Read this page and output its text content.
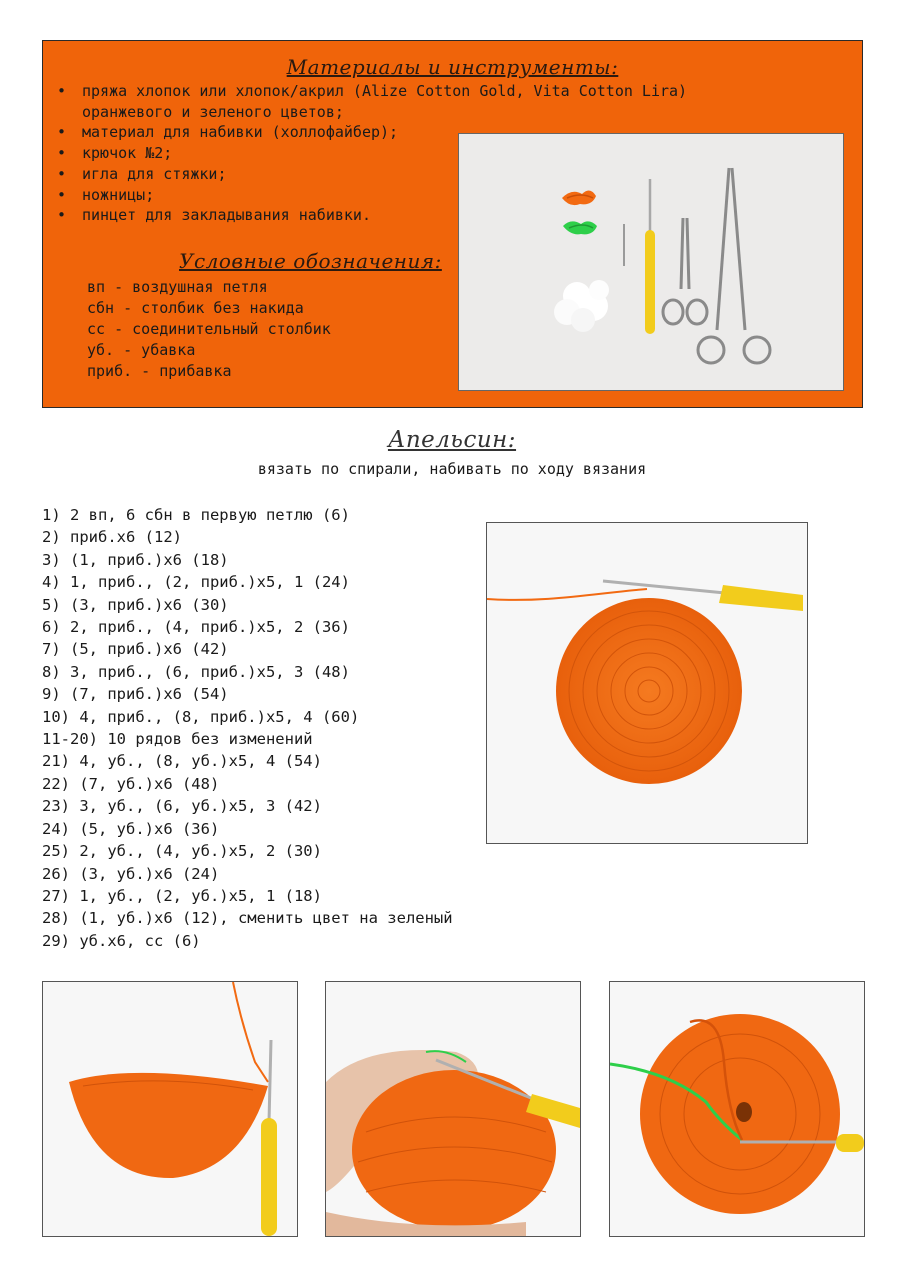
Материалы и инструменты:
• пряжа хлопок или хлопок/акрил (Alize Cotton Gold, Vita Cotton Lira)
оранжевого и зеленого цветов;
• материал для набивки (холлофайбер);
• крючок №2;
• игла для стяжки;
• ножницы;
• пинцет для закладывания набивки.
Условные обозначения:
вп - воздушная петля
сбн - столбик без накида
сс - соединительный столбик
уб. - убавка
приб. - прибавка
Апельсин:
вязать по спирали, набивать по ходу вязания
1) 2 вп, 6 сбн в первую петлю (6)
2) приб.х6 (12)
3) (1, приб.)х6 (18)
4) 1, приб., (2, приб.)х5, 1 (24)
5) (3, приб.)х6 (30)
6) 2, приб., (4, приб.)х5, 2 (36)
7) (5, приб.)х6 (42)
8) 3, приб., (6, приб.)х5, 3 (48)
9) (7, приб.)х6 (54)
10) 4, приб., (8, приб.)х5, 4 (60)
11-20) 10 рядов без изменений
21) 4, уб., (8, уб.)х5, 4 (54)
22) (7, уб.)х6 (48)
23) 3, уб., (6, уб.)х5, 3 (42)
24) (5, уб.)х6 (36)
25) 2, уб., (4, уб.)х5, 2 (30)
26) (3, уб.)х6 (24)
27) 1, уб., (2, уб.)х5, 1 (18)
28) (1, уб.)х6 (12), сменить цвет на зеленый
29) уб.х6, сс (6)
